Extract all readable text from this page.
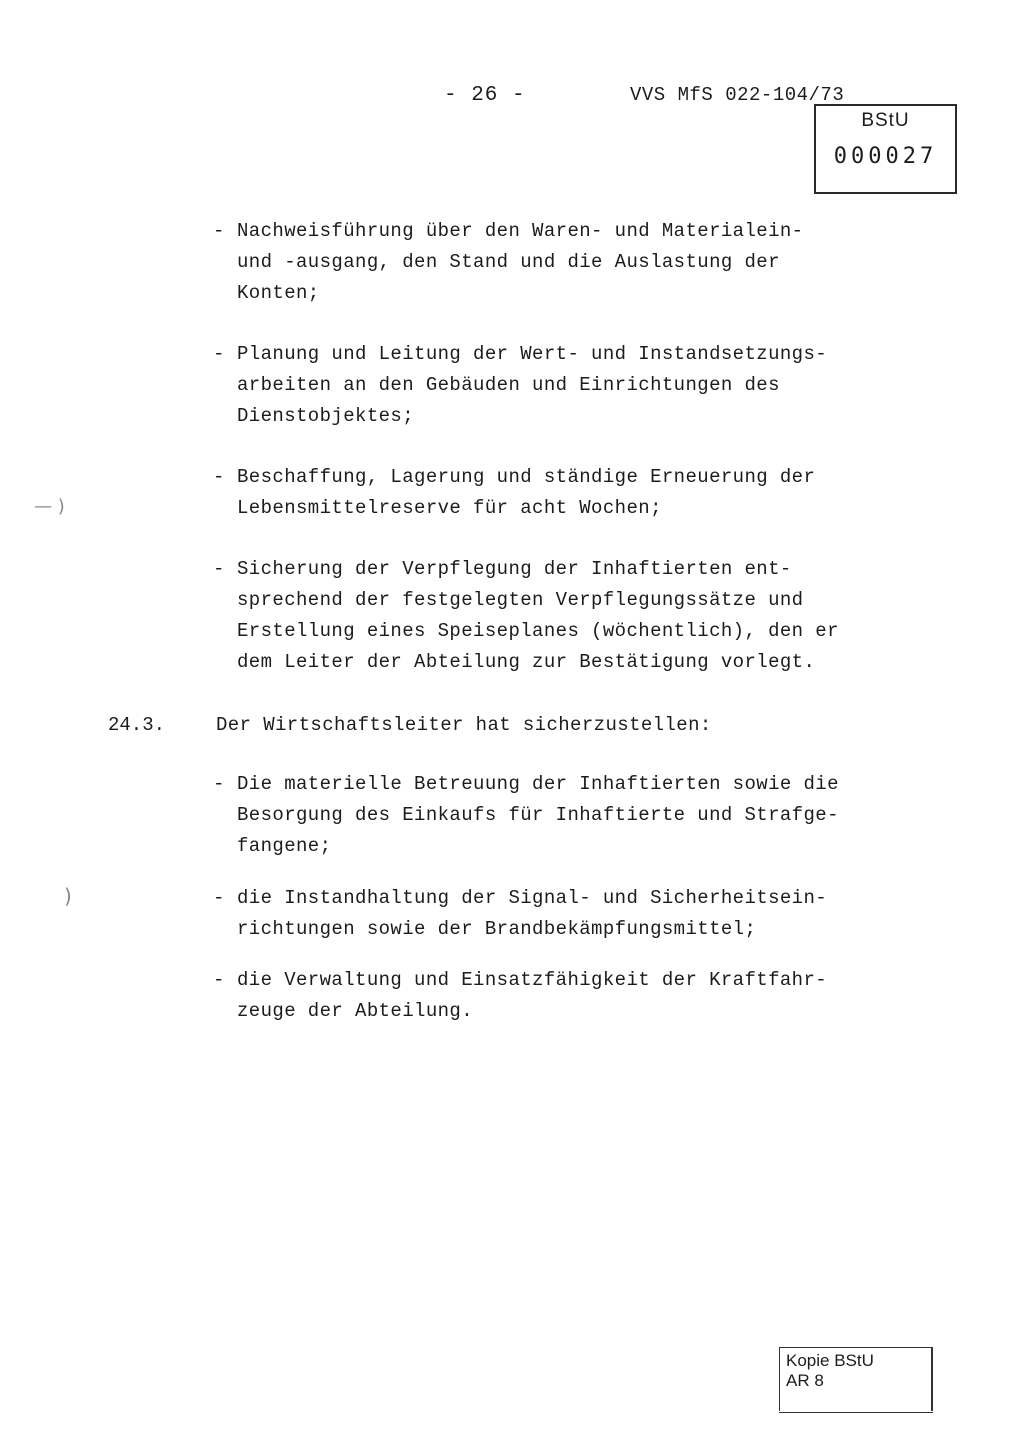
- 26 -	VVS MfS 022-104/73
BStU
000027
- Nachweisführung über den Waren- und Materialein-
und -ausgang, den Stand und die Auslastung der
Konten;
- Planung und Leitung der Wert- und Instandsetzungs-
arbeiten an den Gebäuden und Einrichtungen des
Dienstobjektes;
- Beschaffung, Lagerung und ständige Erneuerung der
Lebensmittelreserve für acht Wochen;
- Sicherung der Verpflegung der Inhaftierten ent-
sprechend der festgelegten Verpflegungssätze und
Erstellung eines Speiseplanes (wöchentlich), den er
dem Leiter der Abteilung zur Bestätigung vorlegt.
24.3.	Der Wirtschaftsleiter hat sicherzustellen:
- Die materielle Betreuung der Inhaftierten sowie die
Besorgung des Einkaufs für Inhaftierte und Strafge-
fangene;
- die Instandhaltung der Signal- und Sicherheitsein-
richtungen sowie der Brandbekämpfungsmittel;
- die Verwaltung und Einsatzfähigkeit der Kraftfahr-
zeuge der Abteilung.
Kopie BStU
AR 8
— )
)
